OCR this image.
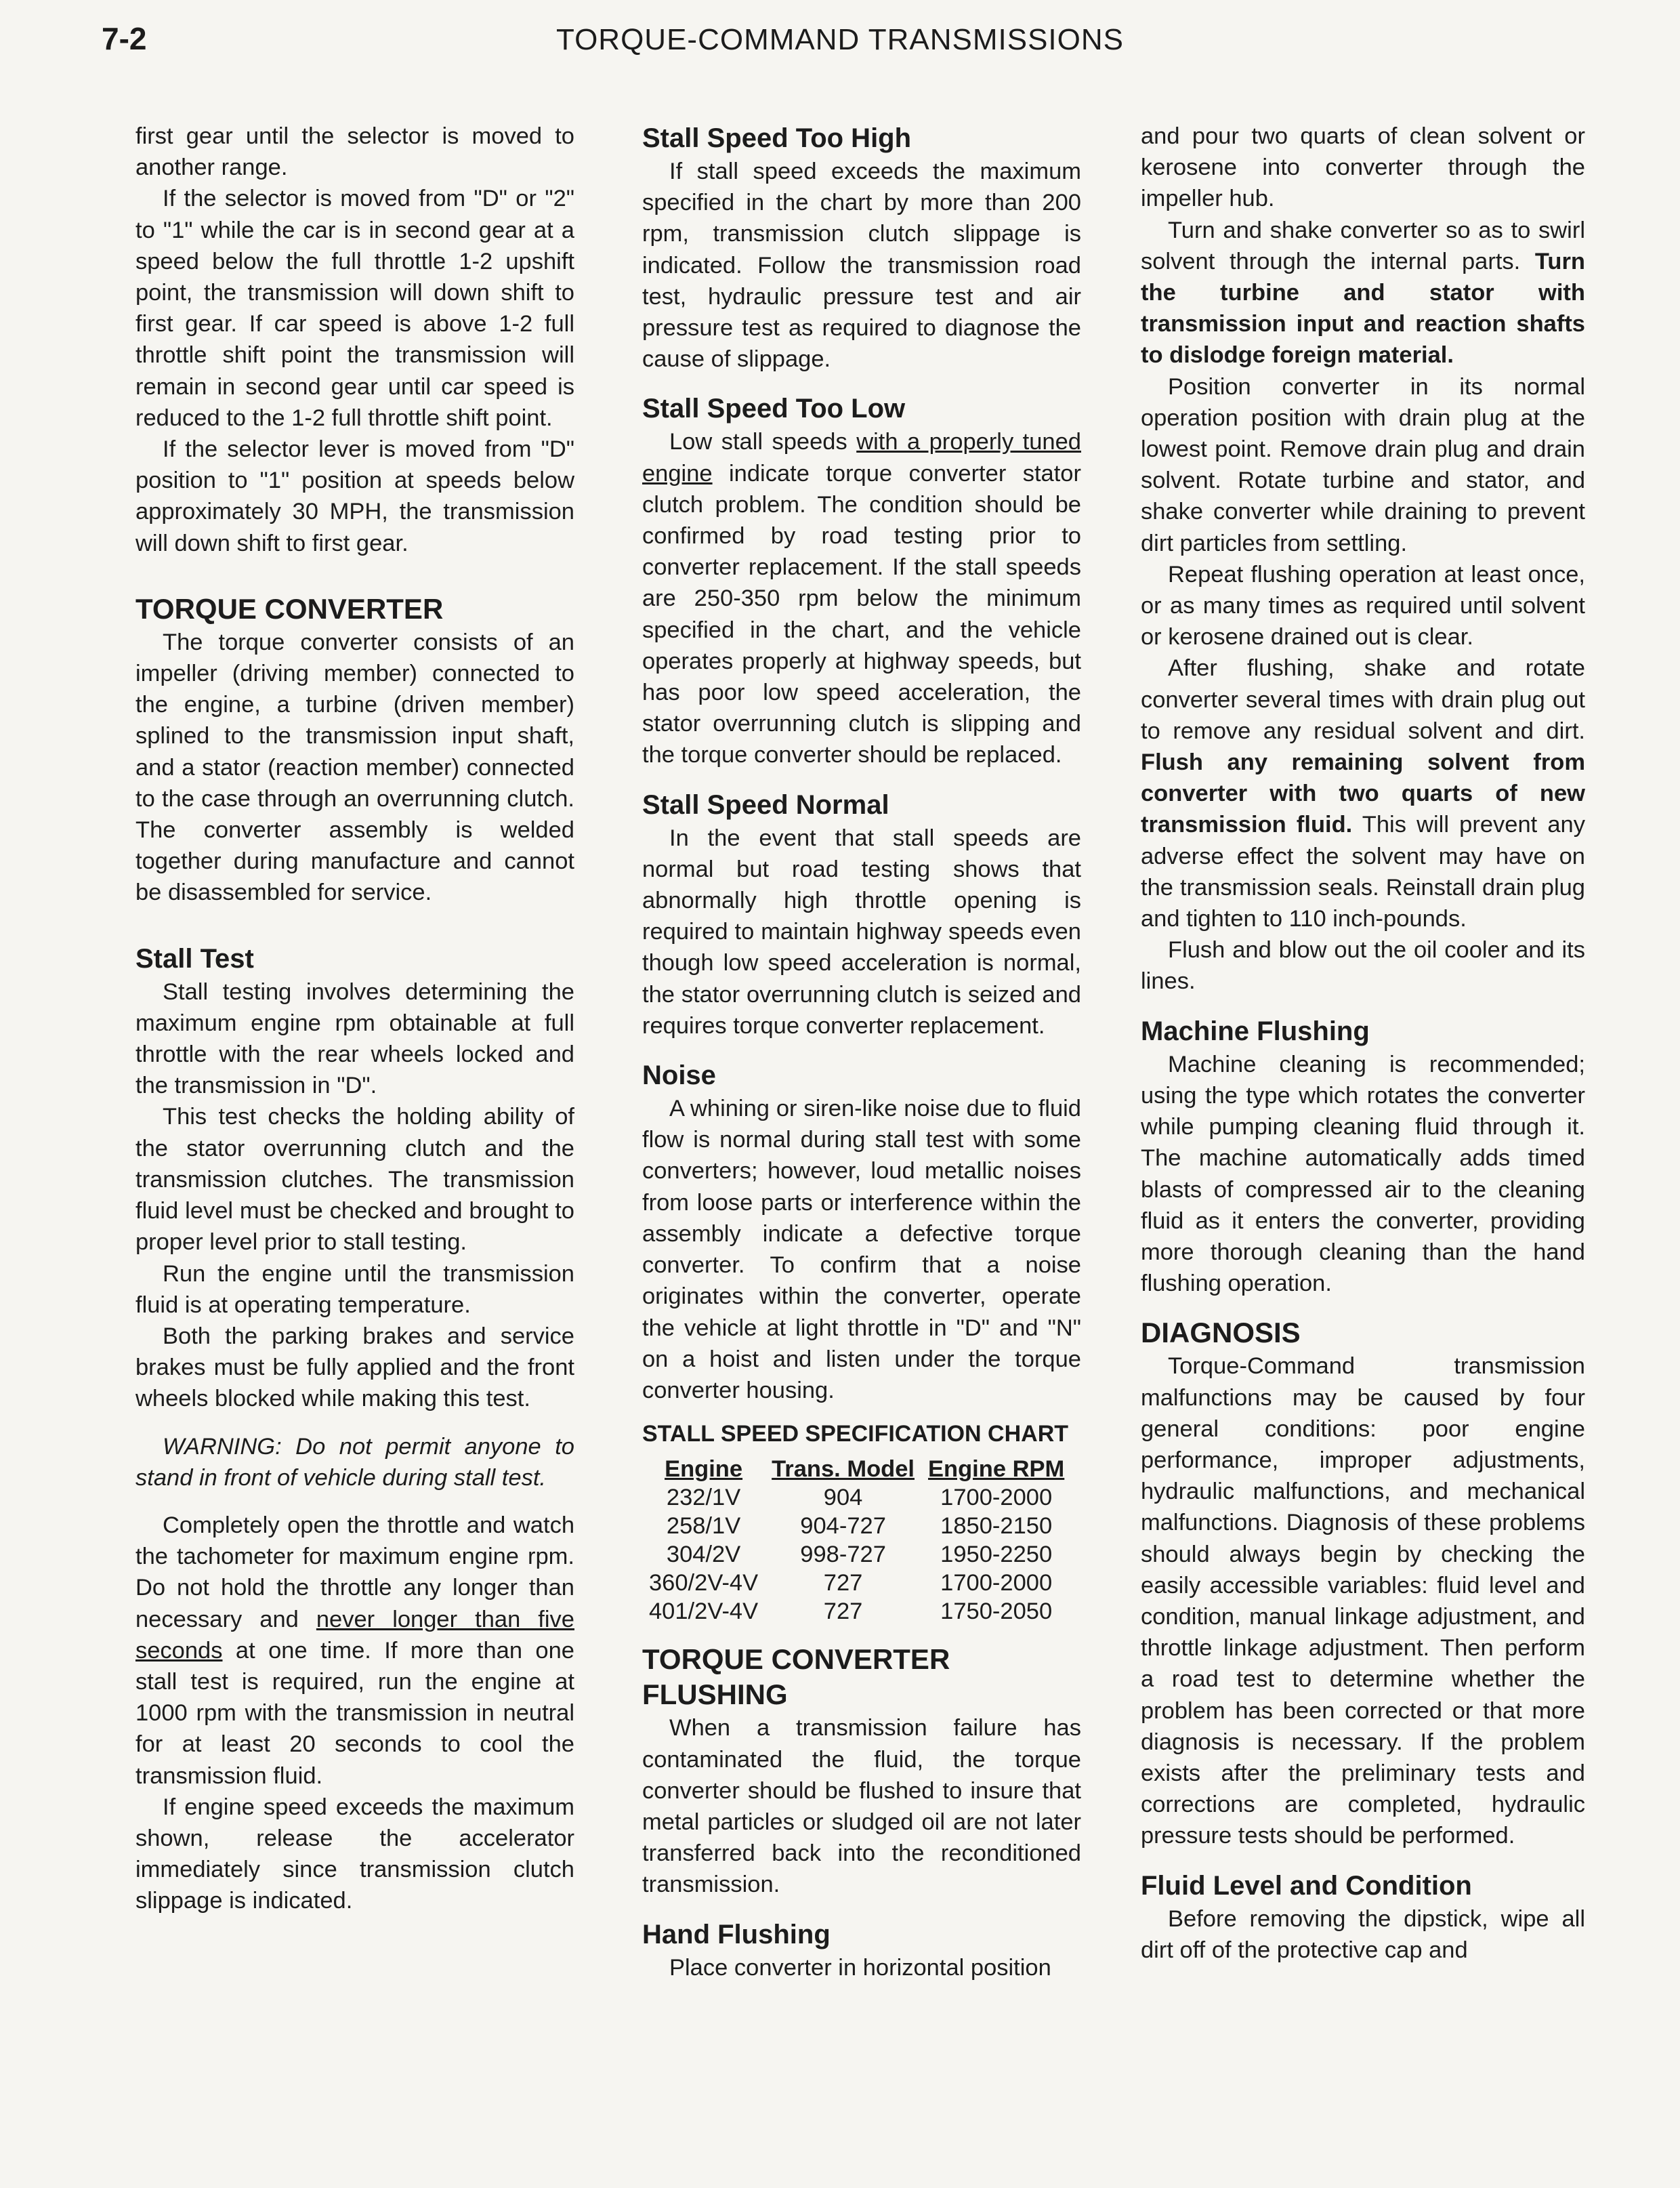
7-2	TORQUE-COMMAND TRANSMISSIONS

first gear until the selector is moved to another range.

If the selector is moved from "D" or "2" to "1" while the car is in second gear at a speed below the full throttle 1-2 upshift point, the transmission will down shift to first gear. If car speed is above 1-2 full throttle shift point the transmission will remain in second gear until car speed is reduced to the 1-2 full throttle shift point.

If the selector lever is moved from "D" position to "1" position at speeds below approximately 30 MPH, the transmission will down shift to first gear.

TORQUE CONVERTER

The torque converter consists of an impeller (driving member) connected to the engine, a turbine (driven member) splined to the transmission input shaft, and a stator (reaction member) connected to the case through an overrunning clutch. The converter assembly is welded together during manufacture and cannot be disassembled for service.

Stall Test

Stall testing involves determining the maximum engine rpm obtainable at full throttle with the rear wheels locked and the transmission in "D".

This test checks the holding ability of the stator overrunning clutch and the transmission clutches. The transmission fluid level must be checked and brought to proper level prior to stall testing.

Run the engine until the transmission fluid is at operating temperature.

Both the parking brakes and service brakes must be fully applied and the front wheels blocked while making this test.

WARNING: Do not permit anyone to stand in front of vehicle during stall test.

Completely open the throttle and watch the tachometer for maximum engine rpm. Do not hold the throttle any longer than necessary and never longer than five seconds at one time. If more than one stall test is required, run the engine at 1000 rpm with the transmission in neutral for at least 20 seconds to cool the transmission fluid.

If engine speed exceeds the maximum shown, release the accelerator immediately since transmission clutch slippage is indicated.

Stall Speed Too High

If stall speed exceeds the maximum specified in the chart by more than 200 rpm, transmission clutch slippage is indicated. Follow the transmission road test, hydraulic pressure test and air pressure test as required to diagnose the cause of slippage.

Stall Speed Too Low

Low stall speeds with a properly tuned engine indicate torque converter stator clutch problem. The condition should be confirmed by road testing prior to converter replacement. If the stall speeds are 250-350 rpm below the minimum specified in the chart, and the vehicle operates properly at highway speeds, but has poor low speed acceleration, the stator overrunning clutch is slipping and the torque converter should be replaced.

Stall Speed Normal

In the event that stall speeds are normal but road testing shows that abnormally high throttle opening is required to maintain highway speeds even though low speed acceleration is normal, the stator overrunning clutch is seized and requires torque converter replacement.

Noise

A whining or siren-like noise due to fluid flow is normal during stall test with some converters; however, loud metallic noises from loose parts or interference within the assembly indicate a defective torque converter. To confirm that a noise originates within the converter, operate the vehicle at light throttle in "D" and "N" on a hoist and listen under the torque converter housing.

STALL SPEED SPECIFICATION CHART
Engine	Trans. Model	Engine RPM
232/1V	904	1700-2000
258/1V	904-727	1850-2150
304/2V	998-727	1950-2250
360/2V-4V	727	1700-2000
401/2V-4V	727	1750-2050
TORQUE CONVERTER FLUSHING

When a transmission failure has contaminated the fluid, the torque converter should be flushed to insure that metal particles or sludged oil are not later transferred back into the reconditioned transmission.

Hand Flushing

Place converter in horizontal position

and pour two quarts of clean solvent or kerosene into converter through the impeller hub.

Turn and shake converter so as to swirl solvent through the internal parts. Turn the turbine and stator with transmission input and reaction shafts to dislodge foreign material.

Position converter in its normal operation position with drain plug at the lowest point. Remove drain plug and drain solvent. Rotate turbine and stator, and shake converter while draining to prevent dirt particles from settling.

Repeat flushing operation at least once, or as many times as required until solvent or kerosene drained out is clear.

After flushing, shake and rotate converter several times with drain plug out to remove any residual solvent and dirt. Flush any remaining solvent from converter with two quarts of new transmission fluid. This will prevent any adverse effect the solvent may have on the transmission seals. Reinstall drain plug and tighten to 110 inch-pounds.

Flush and blow out the oil cooler and its lines.

Machine Flushing

Machine cleaning is recommended; using the type which rotates the converter while pumping cleaning fluid through it. The machine automatically adds timed blasts of compressed air to the cleaning fluid as it enters the converter, providing more thorough cleaning than the hand flushing operation.

DIAGNOSIS

Torque-Command transmission malfunctions may be caused by four general conditions: poor engine performance, improper adjustments, hydraulic malfunctions, and mechanical malfunctions. Diagnosis of these problems should always begin by checking the easily accessible variables: fluid level and condition, manual linkage adjustment, and throttle linkage adjustment. Then perform a road test to determine whether the problem has been corrected or that more diagnosis is necessary. If the problem exists after the preliminary tests and corrections are completed, hydraulic pressure tests should be performed.

Fluid Level and Condition

Before removing the dipstick, wipe all dirt off of the protective cap and
